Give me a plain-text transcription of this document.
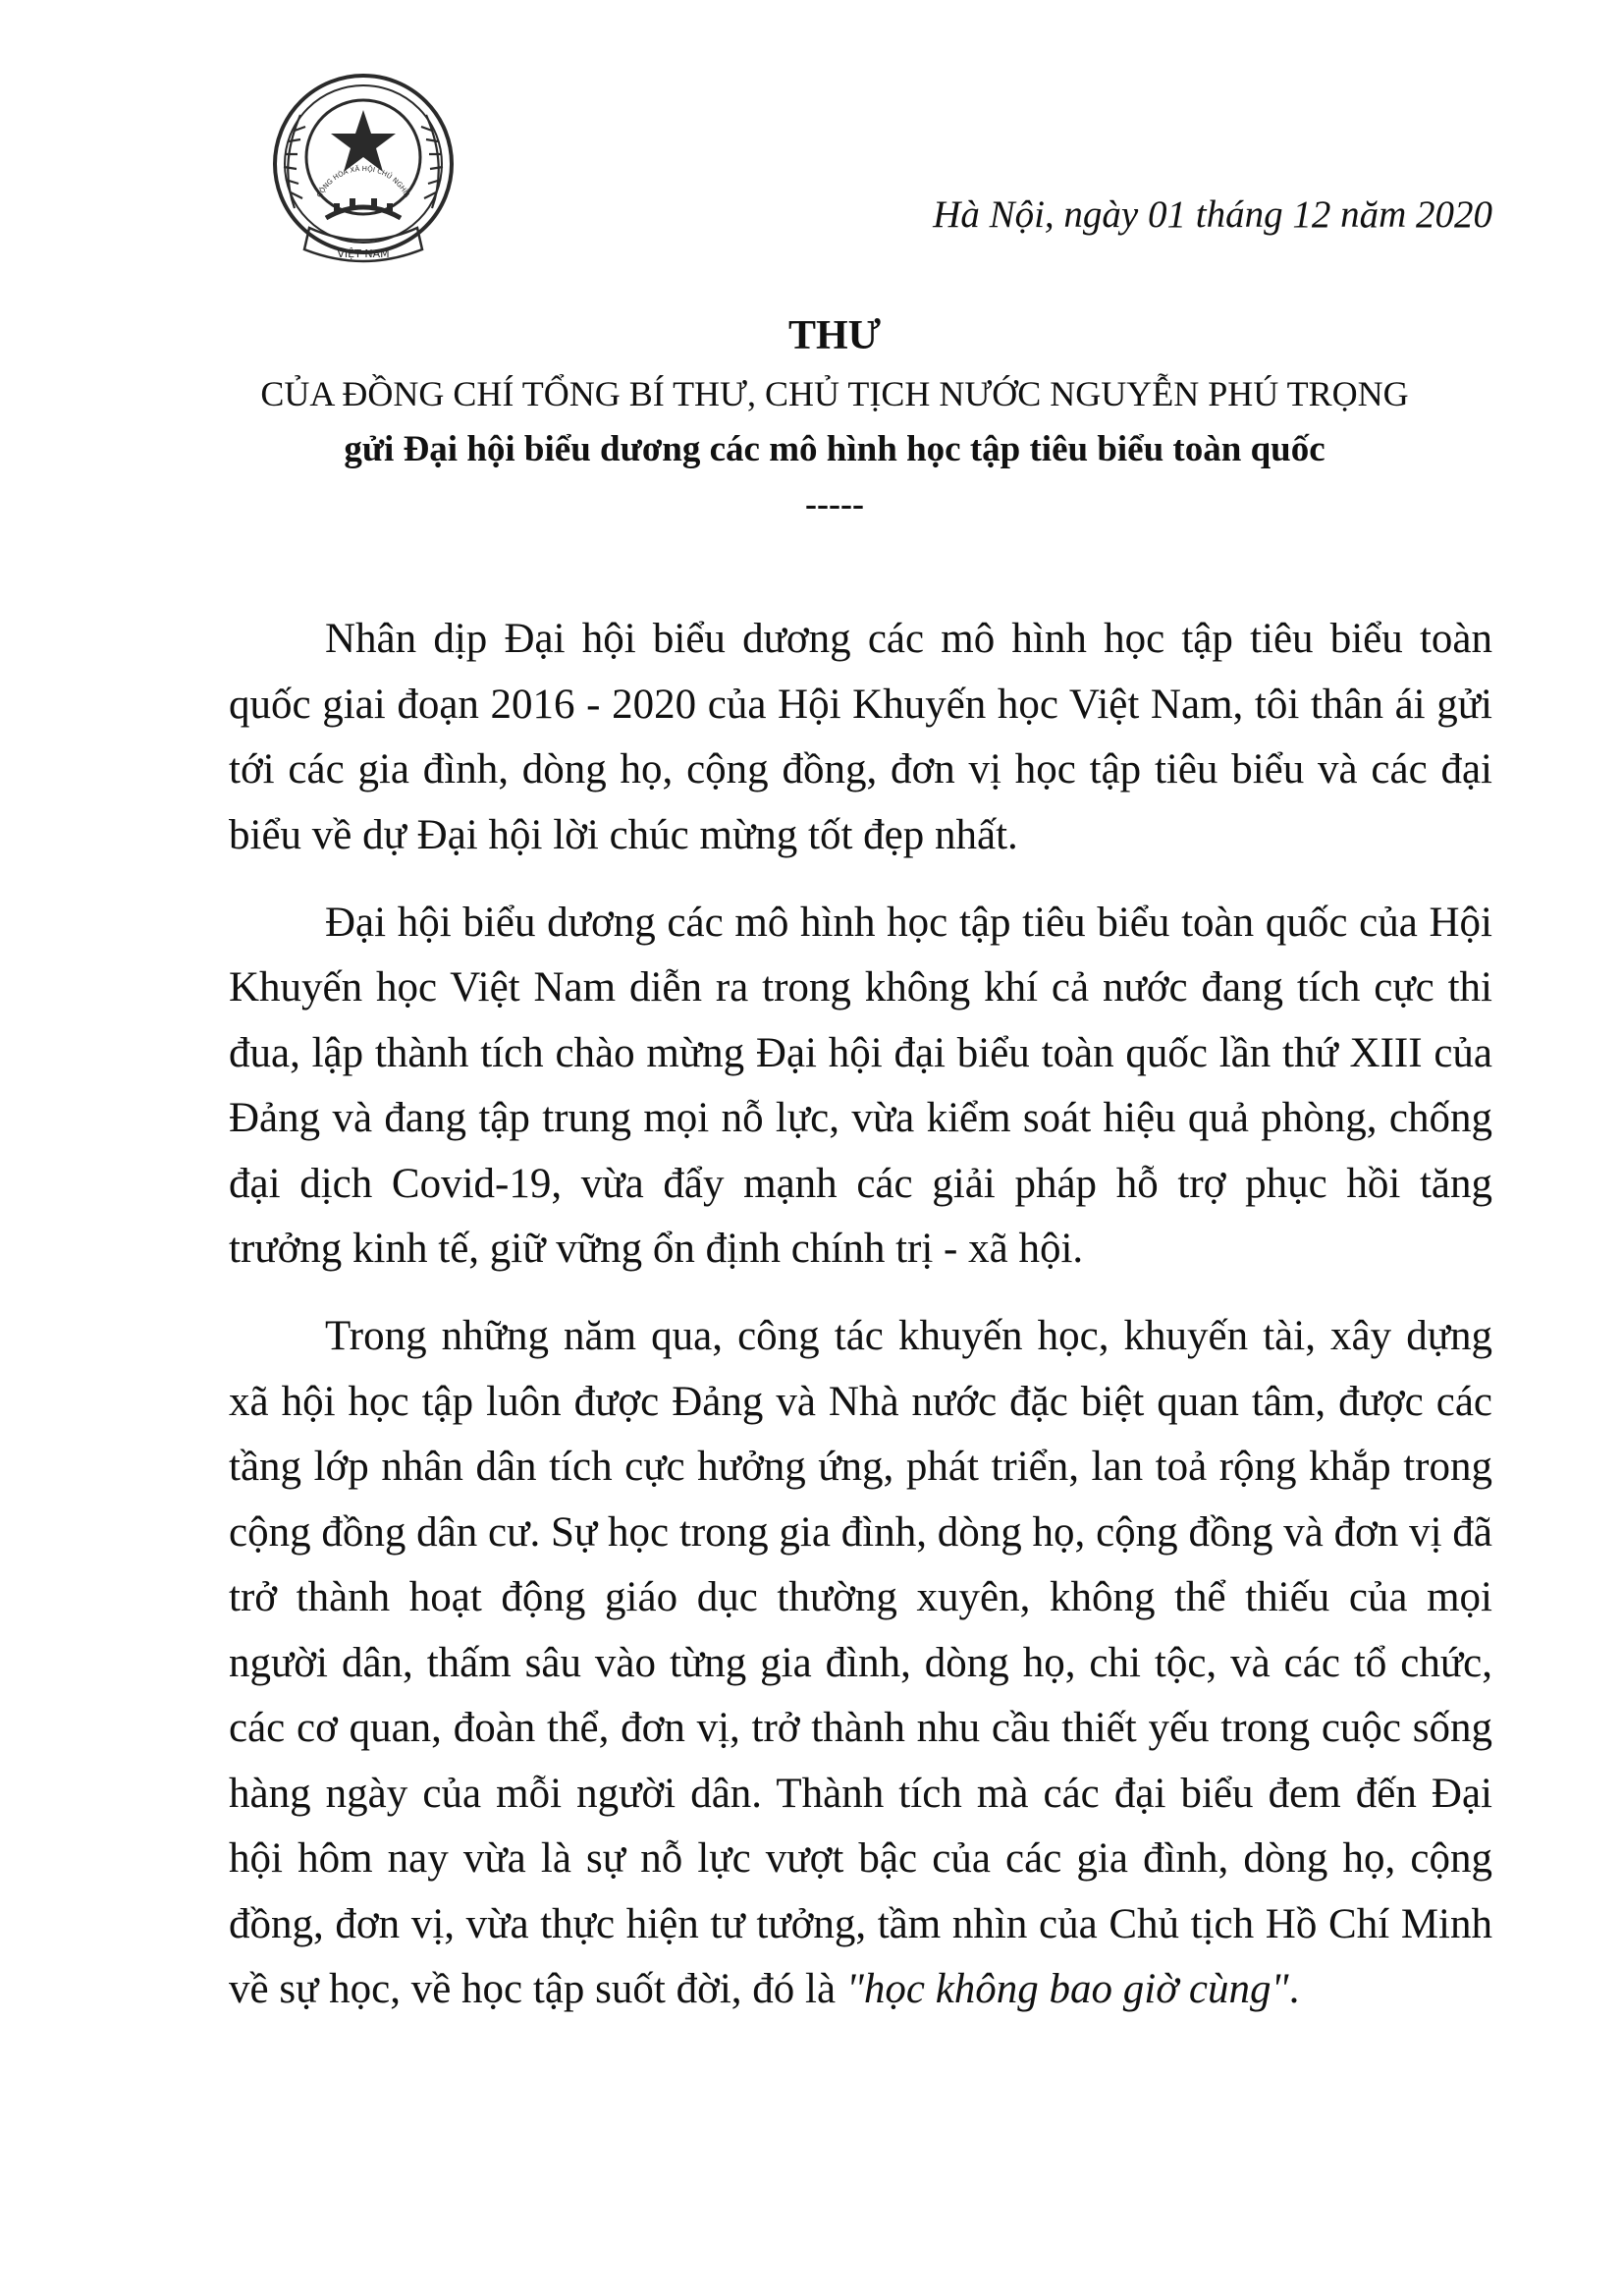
VIỆT NAM
CỘNG HÒA XÃ HỘI CHỦ NGHĨA	Hà Nội, ngày 01 tháng 12 năm 2020
THƯ
CỦA ĐỒNG CHÍ TỔNG BÍ THƯ, CHỦ TỊCH NƯỚC NGUYỄN PHÚ TRỌNG
gửi Đại hội biểu dương các mô hình học tập tiêu biểu toàn quốc
-----

Nhân dịp Đại hội biểu dương các mô hình học tập tiêu biểu toàn quốc giai đoạn 2016 - 2020 của Hội Khuyến học Việt Nam, tôi thân ái gửi tới các gia đình, dòng họ, cộng đồng, đơn vị học tập tiêu biểu và các đại biểu về dự Đại hội lời chúc mừng tốt đẹp nhất.

Đại hội biểu dương các mô hình học tập tiêu biểu toàn quốc của Hội Khuyến học Việt Nam diễn ra trong không khí cả nước đang tích cực thi đua, lập thành tích chào mừng Đại hội đại biểu toàn quốc lần thứ XIII của Đảng và đang tập trung mọi nỗ lực, vừa kiểm soát hiệu quả phòng, chống đại dịch Covid-19, vừa đẩy mạnh các giải pháp hỗ trợ phục hồi tăng trưởng kinh tế, giữ vững ổn định chính trị - xã hội.

Trong những năm qua, công tác khuyến học, khuyến tài, xây dựng xã hội học tập luôn được Đảng và Nhà nước đặc biệt quan tâm, được các tầng lớp nhân dân tích cực hưởng ứng, phát triển, lan toả rộng khắp trong cộng đồng dân cư. Sự học trong gia đình, dòng họ, cộng đồng và đơn vị đã trở thành hoạt động giáo dục thường xuyên, không thể thiếu của mọi người dân, thấm sâu vào từng gia đình, dòng họ, chi tộc, và các tổ chức, các cơ quan, đoàn thể, đơn vị, trở thành nhu cầu thiết yếu trong cuộc sống hàng ngày của mỗi người dân. Thành tích mà các đại biểu đem đến Đại hội hôm nay vừa là sự nỗ lực vượt bậc của các gia đình, dòng họ, cộng đồng, đơn vị, vừa thực hiện tư tưởng, tầm nhìn của Chủ tịch Hồ Chí Minh về sự học, về học tập suốt đời, đó là "học không bao giờ cùng".
